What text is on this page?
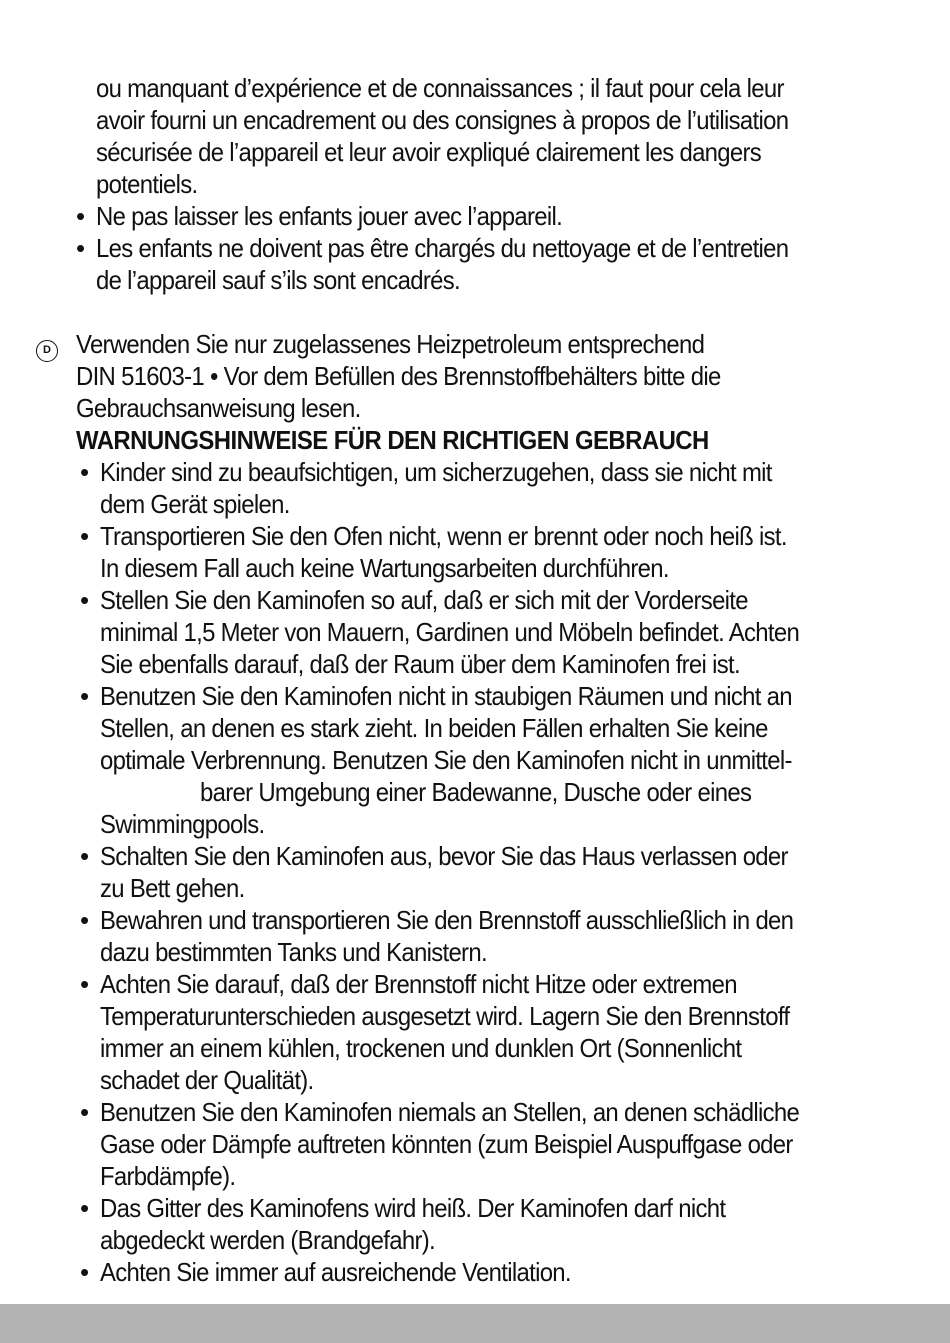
ou manquant d’expérience et de connaissances ; il faut pour cela leur
avoir fourni un encadrement ou des consignes à propos de l’utilisation
sécurisée de l’appareil et leur avoir expliqué clairement les dangers
potentiels.
• Ne pas laisser les enfants jouer avec l’appareil.
• Les enfants ne doivent pas être chargés du nettoyage et de l’entretien
de l’appareil sauf s’ils sont encadrés.
D Verwenden Sie nur zugelassenes Heizpetroleum entsprechend
DIN 51603-1 • Vor dem Befüllen des Brennstoffbehälters bitte die
Gebrauchsanweisung lesen.
WARNUNGSHINWEISE FÜR DEN RICHTIGEN GEBRAUCH
• Kinder sind zu beaufsichtigen, um sicherzugehen, dass sie nicht mit
dem Gerät spielen.
• Transportieren Sie den Ofen nicht, wenn er brennt oder noch heiß ist.
In diesem Fall auch keine Wartungsarbeiten durchführen.
• Stellen Sie den Kaminofen so auf, daß er sich mit der Vorderseite
minimal 1,5 Meter von Mauern, Gardinen und Möbeln befindet. Achten
Sie ebenfalls darauf, daß der Raum über dem Kaminofen frei ist.
• Benutzen Sie den Kaminofen nicht in staubigen Räumen und nicht an
Stellen, an denen es stark zieht. In beiden Fällen erhalten Sie keine
optimale Verbrennung. Benutzen Sie den Kaminofen nicht in unmittel-
barer Umgebung einer Badewanne, Dusche oder eines
Swimmingpools.
• Schalten Sie den Kaminofen aus, bevor Sie das Haus verlassen oder
zu Bett gehen.
• Bewahren und transportieren Sie den Brennstoff ausschließlich in den
dazu bestimmten Tanks und Kanistern.
• Achten Sie darauf, daß der Brennstoff nicht Hitze oder extremen
Temperaturunterschieden ausgesetzt wird. Lagern Sie den Brennstoff
immer an einem kühlen, trockenen und dunklen Ort (Sonnenlicht
schadet der Qualität).
• Benutzen Sie den Kaminofen niemals an Stellen, an denen schädliche
Gase oder Dämpfe auftreten könnten (zum Beispiel Auspuffgase oder
Farbdämpfe).
• Das Gitter des Kaminofens wird heiß. Der Kaminofen darf nicht
abgedeckt werden (Brandgefahr).
• Achten Sie immer auf ausreichende Ventilation.
